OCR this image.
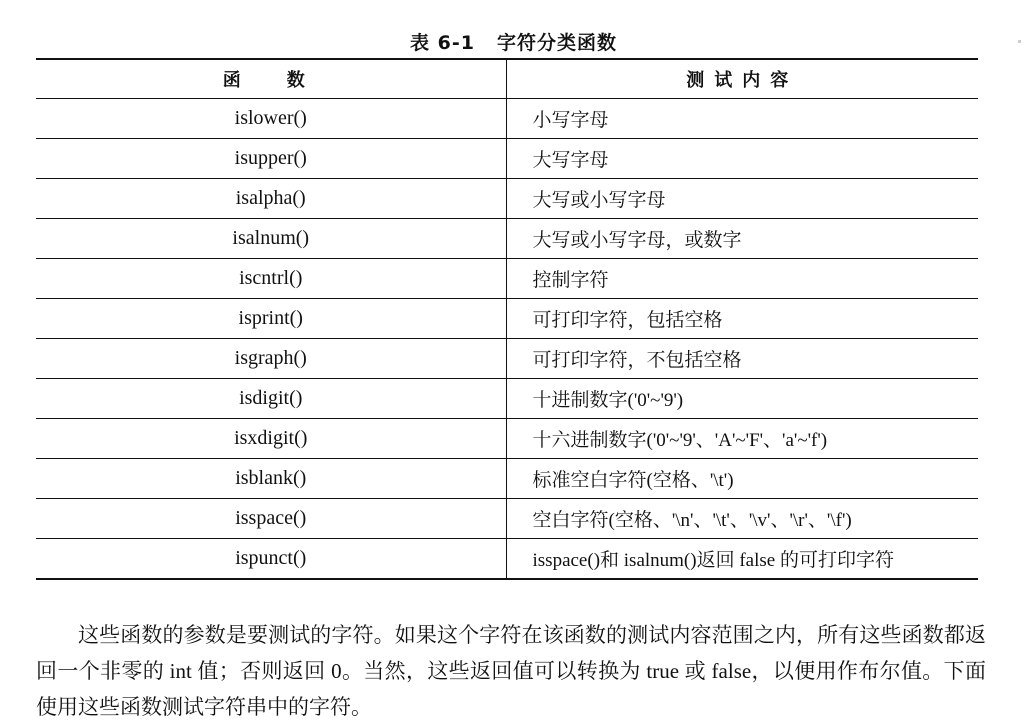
表 6-1 字符分类函数
函　数	测试内容
islower()	小写字母
isupper()	大写字母
isalpha()	大写或小写字母
isalnum()	大写或小写字母，或数字
iscntrl()	控制字符
isprint()	可打印字符，包括空格
isgraph()	可打印字符，不包括空格
isdigit()	十进制数字('0'~'9')
isxdigit()	十六进制数字('0'~'9'、'A'~'F'、'a'~'f')
isblank()	标准空白字符(空格、'\t')
isspace()	空白字符(空格、'\n'、'\t'、'\v'、'\r'、'\f')
ispunct()	isspace()和 isalnum()返回 false 的可打印字符

这些函数的参数是要测试的字符。如果这个字符在该函数的测试内容范围之内，所有这些函数都返回一个非零的 int 值；否则返回 0。当然，这些返回值可以转换为 true 或 false，以便用作布尔值。下面使用这些函数测试字符串中的字符。
